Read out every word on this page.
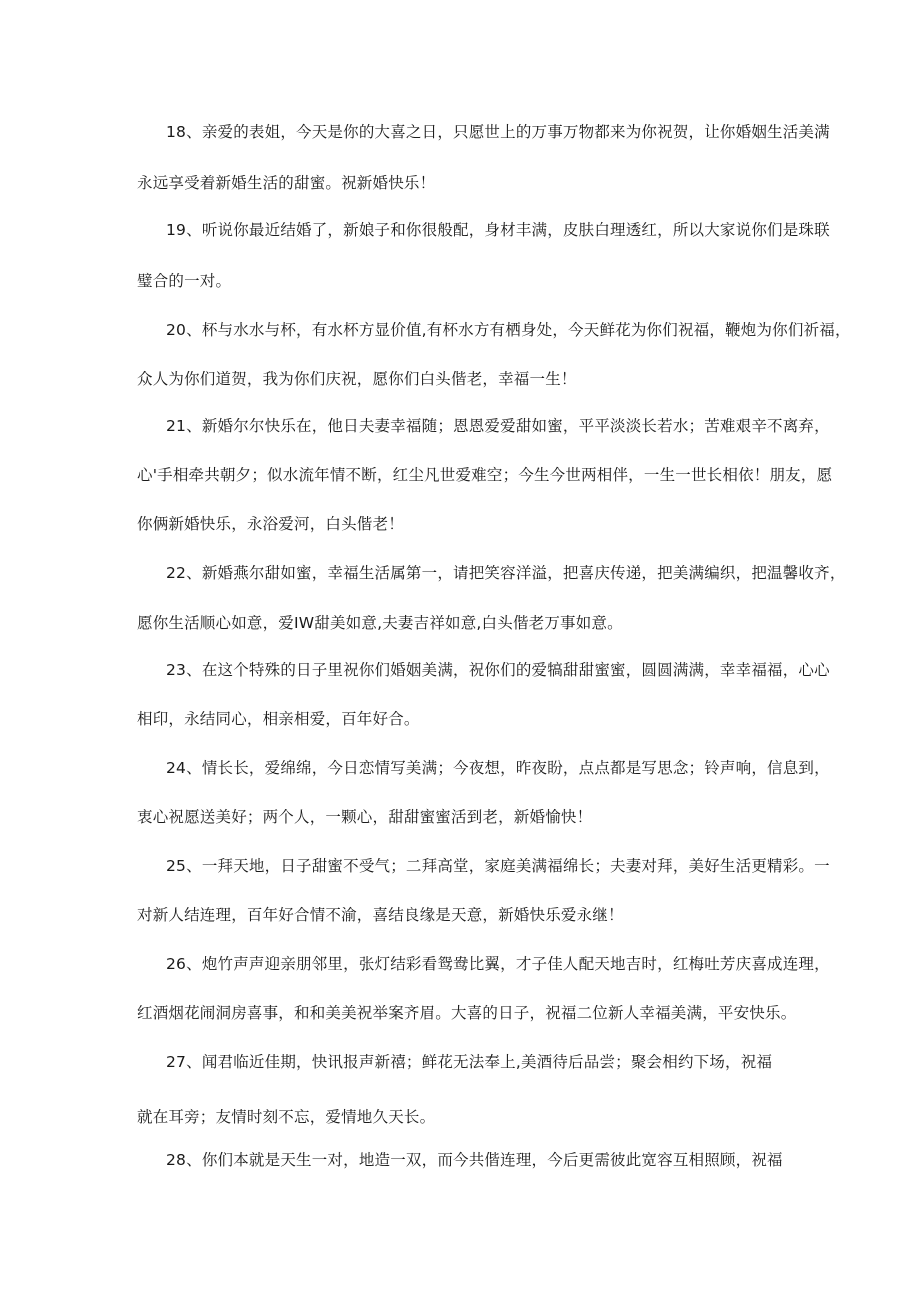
18、亲爱的表姐，今天是你的大喜之日，只愿世上的万事万物都来为你祝贺，让你婚姻生活美满
永远享受着新婚生活的甜蜜。祝新婚快乐！
19、听说你最近结婚了，新娘子和你很般配，身材丰满，皮肤白理透红，所以大家说你们是珠联
璧合的一对。
20、杯与水水与杯，有水杯方显价值,有杯水方有栖身处，今天鲜花为你们祝福，鞭炮为你们祈福，
众人为你们道贺，我为你们庆祝，愿你们白头偕老，幸福一生！
21、新婚尔尔快乐在，他日夫妻幸福随；恩恩爱爱甜如蜜，平平淡淡长若水；苦难艰辛不离弃，
心'手相牵共朝夕；似水流年情不断，红尘凡世爱难空；今生今世两相伴，一生一世长相依！朋友，愿
你俩新婚快乐，永浴爱河，白头偕老！
22、新婚燕尔甜如蜜，幸福生活属第一，请把笑容洋溢，把喜庆传递，把美满编织，把温馨收齐，
愿你生活顺心如意，爱IW甜美如意,夫妻吉祥如意,白头偕老万事如意。
23、在这个特殊的日子里祝你们婚姻美满，祝你们的爱犒甜甜蜜蜜，圆圆满满，幸幸福福，心心
相印，永结同心，相亲相爱，百年好合。
24、情长长，爱绵绵，今日恋情写美满；今夜想，昨夜盼，点点都是写思念；铃声响，信息到，
衷心祝愿送美好；两个人，一颗心，甜甜蜜蜜活到老，新婚愉快！
25、一拜天地，日子甜蜜不受气；二拜高堂，家庭美满福绵长；夫妻对拜，美好生活更精彩。一
对新人结连理，百年好合情不渝，喜结良缘是天意，新婚快乐爱永继！
26、炮竹声声迎亲朋邻里，张灯结彩看鸳鸯比翼，才子佳人配天地吉时，红梅吐芳庆喜成连理，
红酒烟花闹洞房喜事，和和美美祝举案齐眉。大喜的日子，祝福二位新人幸福美满，平安快乐。
27、闻君临近佳期，快讯报声新禧；鲜花无法奉上,美酒待后品尝；聚会相约下场，祝福
就在耳旁；友情时刻不忘，爱情地久天长。
28、你们本就是天生一对，地造一双，而今共偕连理，今后更需彼此宽容互相照顾，祝福
